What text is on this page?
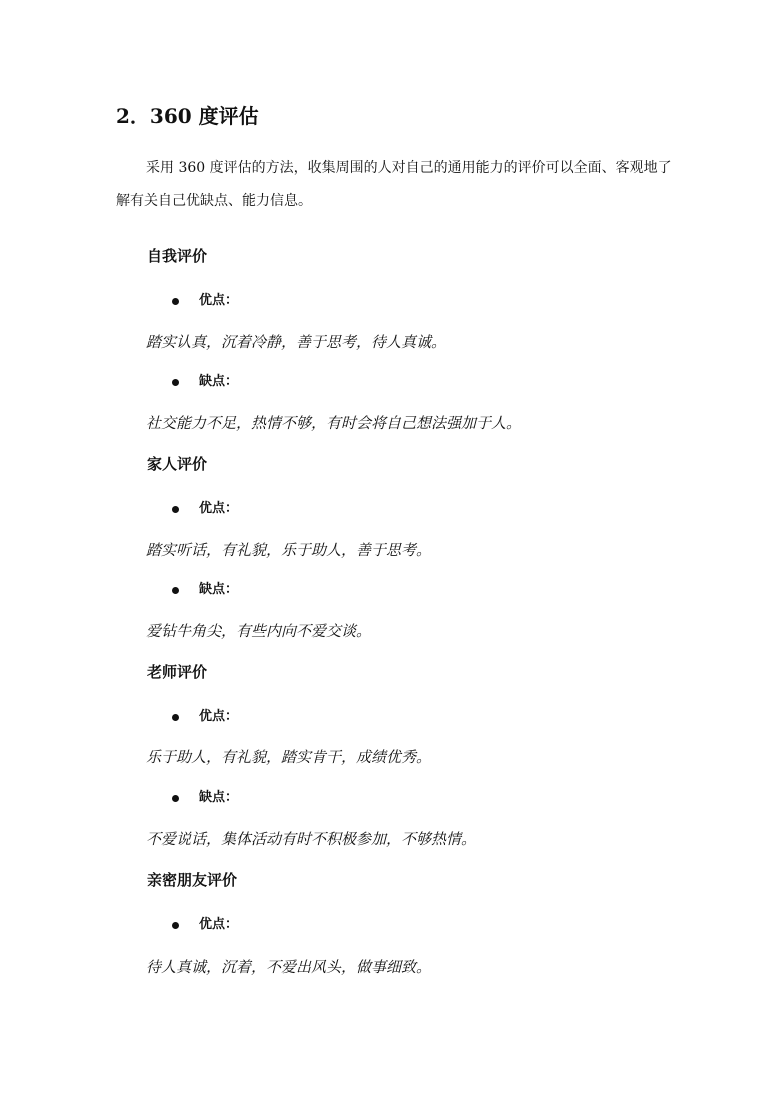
2．360 度评估
采用 360 度评估的方法，收集周围的人对自己的通用能力的评价可以全面、客观地了
解有关自己优缺点、能力信息。
自我评价
优点：
踏实认真，沉着冷静，善于思考，待人真诚。
缺点：
社交能力不足，热情不够，有时会将自己想法强加于人。
家人评价
优点：
踏实听话，有礼貌，乐于助人，善于思考。
缺点：
爱钻牛角尖，有些内向不爱交谈。
老师评价
优点：
乐于助人，有礼貌，踏实肯干，成绩优秀。
缺点：
不爱说话，集体活动有时不积极参加，不够热情。
亲密朋友评价
优点：
待人真诚，沉着，不爱出风头，做事细致。
